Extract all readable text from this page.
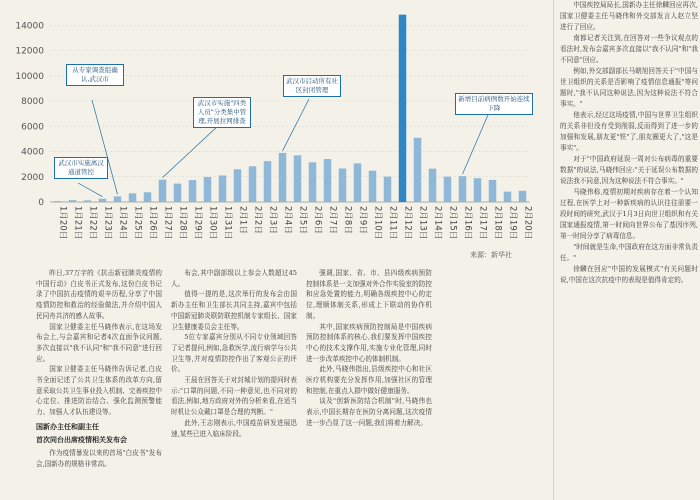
0
2000
4000
6000
8000
10000
12000
14000
1月20日 1月21日 1月22日 1月23日 1月24日 1月25日 1月26日 1月27日 1月28日 1月29日 1月30日 1月31日 2月1日 2月2日 2月3日 2月4日 2月5日 2月6日 2月7日 2月8日 2月9日 2月10日 2月11日 2月12日 2月13日 2月14日 2月15日 2月16日 2月17日 2月18日 2月19日 2月20日
从专家调查组确认,武汉市
武汉市实施离汉通道管控
武汉市实施"四类人员"分类集中管理,开展拉网排查
武汉市启动所有社区封闭管理
新增目前病例数开始连续下降
来源：新华社

昨日,37万字的《抗击新冠肺炎疫情的中国行动》白皮书正式发布,这份白皮书记录了中国抗击疫情的艰辛历程,分享了中国疫情防控和救治的经验做法,并介绍中国人民同舟共济的感人故事。

国家卫健委主任马晓伟表示,在这场发布会上,与会嘉宾和记者4次直面争议问题,多次直接以"我不认同"和"我不同意"进行回应。

国家卫健委主任马晓伟告诉记者,白皮书全面记述了公共卫生体系的改革方向,留意采取公共卫生事业投入机制、完善疾控中心定位、推进防治结合、强化监测预警能力、加强人才队伍建设等。

国新办主任和副主任
首次同台出席疫情相关发布会

作为疫情暴发以来的首场"白皮书"发布会,国新办的规格非常高。

布会,其中副部级以上参会人数超过45人。

值得一提的是,这次举行的发布会由国新办主任和卫生部长共同主持,嘉宾中包括中国新冠肺炎联防联控机制专家组长、国家卫生健康委员会主任等。

5位专家嘉宾分别从不同专业领域回答了记者提问,例如,急救医学,流行病学与公共卫生等,并对疫情防控作出了客观公正的评价。

王晨在回答关于对封城计划的提问时表示:"口罩的问题,不同一种意见,也不同对的看法,例如,地方政府对外的分析来看,在适当时机让公众戴口罩是合理的判断。"

此外,王志刚表示,中国疫苗研发进展迅速,某些已进入临床阶段。

强调,国家、省、市、县四级疾病预防控制体系是一支加强对外合作实验室的防控和应急处置的能力,明确各级疾控中心的定位,理顺体制关系,形成上下联动的协作机制。

其中,国家疾病预防控制局是中国疾病预防控制体系的核心,我们要发挥中国疾控中心的技术支撑作用,实施专业化管理,同时进一步改革疾控中心的体制机制。

此外,马晓伟指出,县级疾控中心和社区医疗机构要充分发挥作用,加强社区的管理和控制,在重点人群中做好健康服务。

谈及"创新医防结合机制"时,马晓伟也表示,中国长期存在医防分离问题,这次疫情进一步凸显了这一问题,我们将着力解决。

中国疾控局局长,国新办主任徐麟回应再次,国家卫健委主任马晓伟和外交部发言人赵立坚进行了回应。

南都记者关注到,在回答对一些争议观点的看法时,发布会嘉宾多次直接以"我不认同"和"我不同意"回应。

例如,外交部副部长马朝旭回答关于"中国与世卫组织的关系是否影响了疫情信息通报"等问题时,"我不认同这种说法,因为这种说法不符合事实。"

他表示,经过这场疫情,中国与世界卫生组织的关系非但没有受到削弱,反而得到了进一步的加强和发展,朋友更"铁"了,朋友圈更大了,"这是事实"。

对于"中国政府延误一周对公布病毒的重要数据"的说法,马晓伟回应:"关于延误公布数据的说法我不同意,因为这种说法不符合事实。"

马晓伟称,疫情初期对疾病存在着一个认知过程,在医学上对一种新疾病的认识往往需要一段时间的研究,武汉于1月3日向世卫组织和有关国家通报疫情,第一时间向世界公布了基因序列,第一时间分享了病毒信息。

"时间就是生命,中国政府在这方面非常负责任。"

徐麟在回应"中国的发展模式"有关问题时说,中国在这次抗疫中的表现是值得肯定的。
